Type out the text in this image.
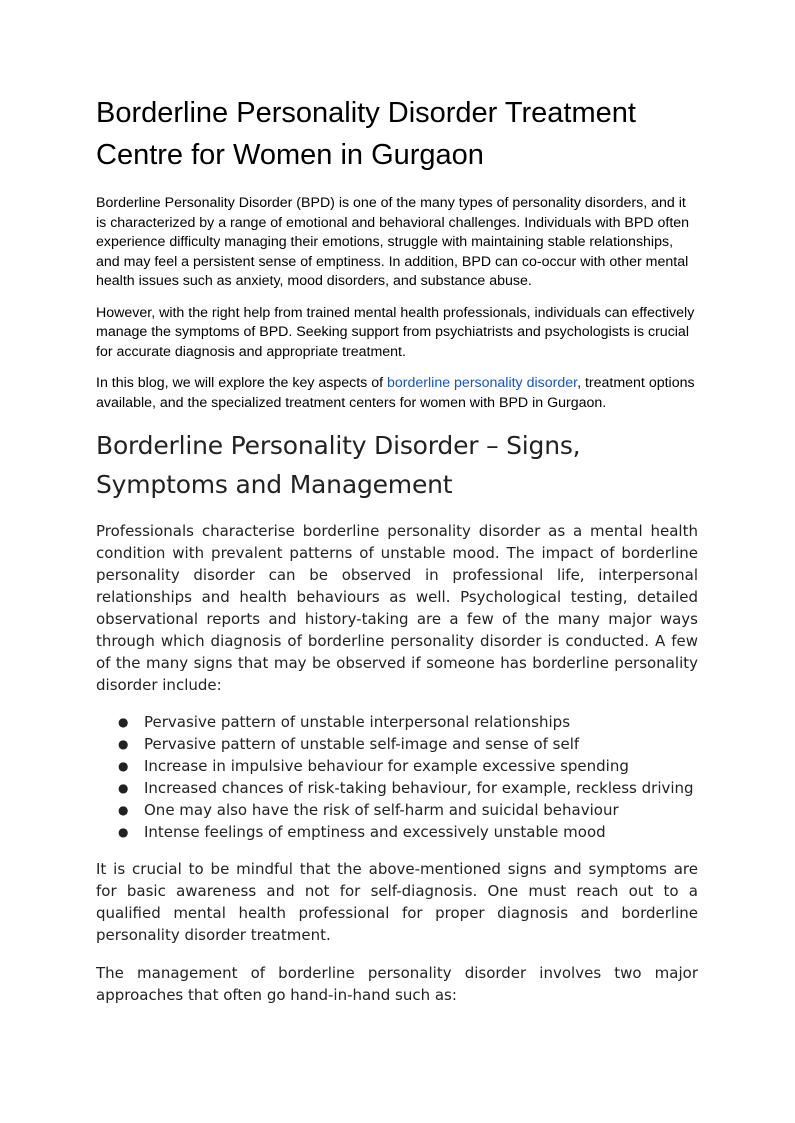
Borderline Personality Disorder Treatment Centre for Women in Gurgaon

Borderline Personality Disorder (BPD) is one of the many types of personality disorders, and it is characterized by a range of emotional and behavioral challenges. Individuals with BPD often experience difficulty managing their emotions, struggle with maintaining stable relationships, and may feel a persistent sense of emptiness. In addition, BPD can co-occur with other mental health issues such as anxiety, mood disorders, and substance abuse.

However, with the right help from trained mental health professionals, individuals can effectively manage the symptoms of BPD. Seeking support from psychiatrists and psychologists is crucial for accurate diagnosis and appropriate treatment.

In this blog, we will explore the key aspects of borderline personality disorder, treatment options available, and the specialized treatment centers for women with BPD in Gurgaon.

Borderline Personality Disorder – Signs, Symptoms and Management

Professionals characterise borderline personality disorder as a mental health condition with prevalent patterns of unstable mood. The impact of borderline personality disorder can be observed in professional life, interpersonal relationships and health behaviours as well. Psychological testing, detailed observational reports and history-taking are a few of the many major ways through which diagnosis of borderline personality disorder is conducted. A few of the many signs that may be observed if someone has borderline personality disorder include:

● Pervasive pattern of unstable interpersonal relationships
● Pervasive pattern of unstable self-image and sense of self
● Increase in impulsive behaviour for example excessive spending
● Increased chances of risk-taking behaviour, for example, reckless driving
● One may also have the risk of self-harm and suicidal behaviour
● Intense feelings of emptiness and excessively unstable mood

It is crucial to be mindful that the above-mentioned signs and symptoms are for basic awareness and not for self-diagnosis. One must reach out to a qualified mental health professional for proper diagnosis and borderline personality disorder treatment.

The management of borderline personality disorder involves two major approaches that often go hand-in-hand such as:
